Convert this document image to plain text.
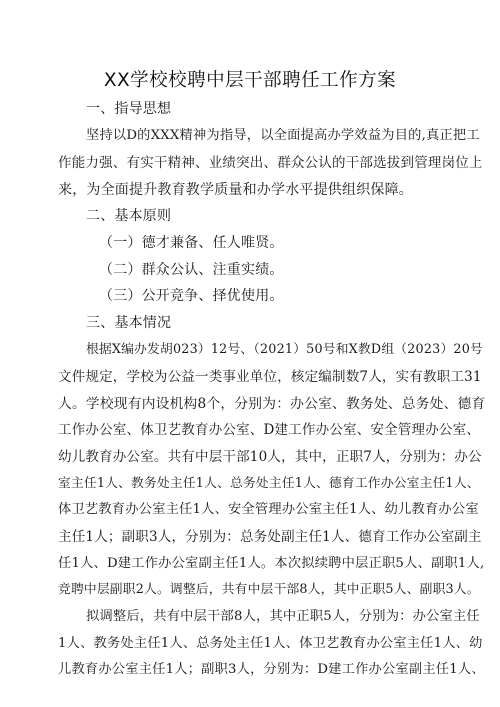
XX学校校聘中层干部聘任工作方案
一、指导思想
坚持以D的XXX精神为指导，以全面提高办学效益为目的,真正把工
作能力强、有实干精神、业绩突出、群众公认的干部选拔到管理岗位上
来，为全面提升教育教学质量和办学水平提供组织保障。
二、基本原则
（一）德才兼备、任人唯贤。
（二）群众公认、注重实绩。
（三）公开竞争、择优使用。
三、基本情况
根据X编办发胡023）12号、（2021）50号和X教D组（2023）20号
文件规定，学校为公益一类事业单位，核定编制数7人，实有教职工31
人。学校现有内设机构8个，分别为：办公室、教务处、总务处、德育
工作办公室、体卫艺教育办公室、D建工作办公室、安全管理办公室、
幼儿教育办公室。共有中层干部10人，其中，正职7人，分别为：办公
室主任1人、教务处主任1人、总务处主任1人、德育工作办公室主任1人、
体卫艺教育办公室主任1人、安全管理办公室主任1人、幼儿教育办公室
主任1人；副职3人，分别为：总务处副主任1人、德育工作办公室副主
任1人、D建工作办公室副主任1人。本次拟续聘中层正职5人、副职1人,
竞聘中层副职2人。调整后，共有中层干部8人，其中正职5人、副职3人。
拟调整后，共有中层干部8人，其中正职5人，分别为：办公室主任
1人、教务处主任1人、总务处主任1人、体卫艺教育办公室主任1人、幼
儿教育办公室主任1人；副职3人，分别为：D建工作办公室副主任1人、
